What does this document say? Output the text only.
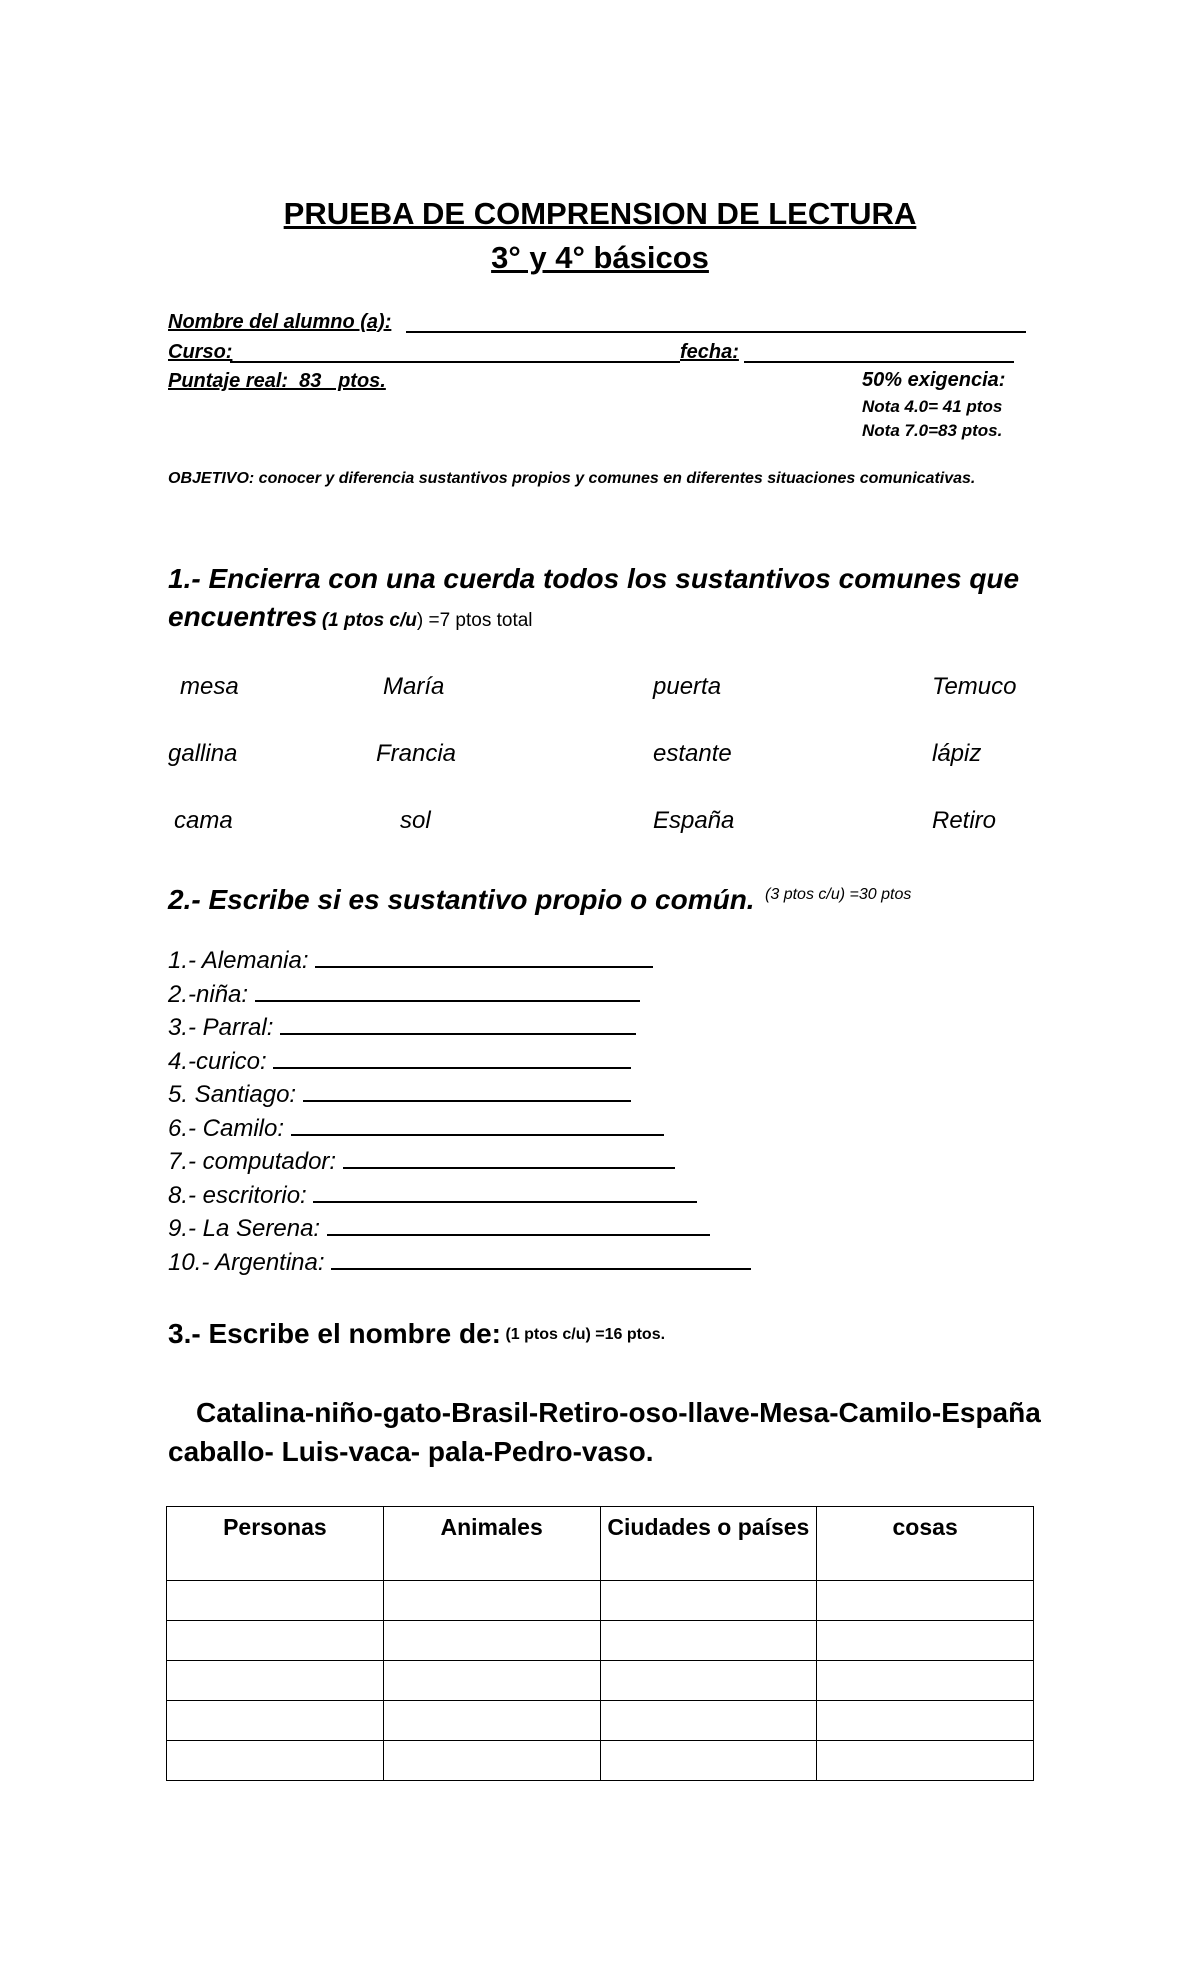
PRUEBA DE COMPRENSION DE LECTURA
3° y 4° básicos
Nombre del alumno (a):
Curso:	fecha:
Puntaje real:  83   ptos.	50% exigencia:
Nota 4.0= 41 ptos
Nota 7.0=83 ptos.
OBJETIVO: conocer y diferencia sustantivos propios y comunes en diferentes situaciones comunicativas.
1.- Encierra con una cuerda todos los sustantivos comunes que
encuentres (1 ptos c/u) =7 ptos total
mesa	María	puerta	Temuco
gallina	Francia	estante	lápiz
cama	sol	España	Retiro
2.- Escribe si es sustantivo propio o común. (3 ptos c/u) =30 ptos
1.- Alemania:
2.-niña:
3.- Parral:
4.-curico:
5. Santiago:
6.- Camilo:
7.- computador:
8.- escritorio:
9.- La Serena:
10.- Argentina:
3.- Escribe el nombre de: (1 ptos c/u) =16 ptos.
Catalina-niño-gato-Brasil-Retiro-oso-llave-Mesa-Camilo-España
caballo- Luis-vaca- pala-Pedro-vaso.
Personas	Animales	Ciudades o países	cosas
